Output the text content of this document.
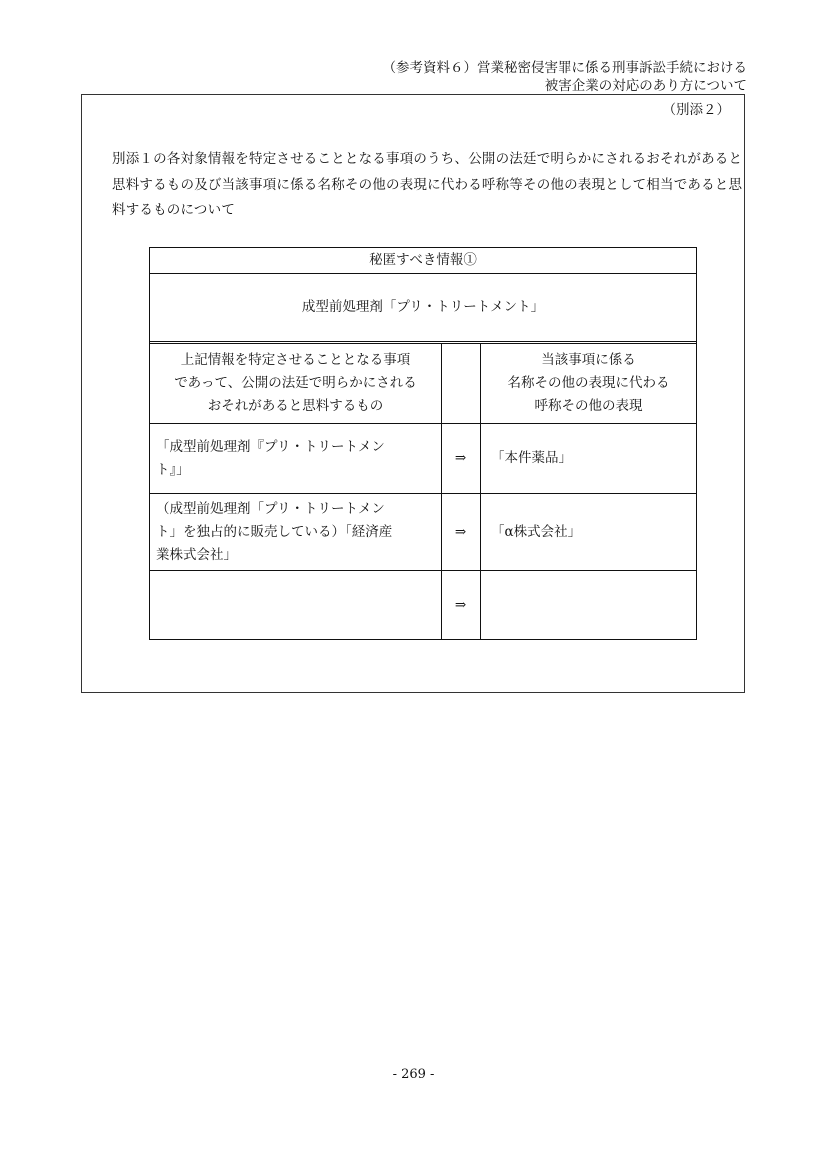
（参考資料６）営業秘密侵害罪に係る刑事訴訟手続における
被害企業の対応のあり方について
（別添２）
別添１の各対象情報を特定させることとなる事項のうち、公開の法廷で明らかにされるおそれがあると思料するもの及び当該事項に係る名称その他の表現に代わる呼称等その他の表現として相当であると思料するものについて
秘匿すべき情報①
成型前処理剤「プリ・トリートメント」
上記情報を特定させることとなる事項
であって、公開の法廷で明らかにされる
おそれがあると思料するもの
当該事項に係る
名称その他の表現に代わる
呼称その他の表現
「成型前処理剤『プリ・トリートメン
ト』」
⇒ 「本件薬品」
（成型前処理剤「プリ・トリートメン
ト」を独占的に販売している）「経済産
業株式会社」
⇒ 「α株式会社」
⇒
- 269 -
